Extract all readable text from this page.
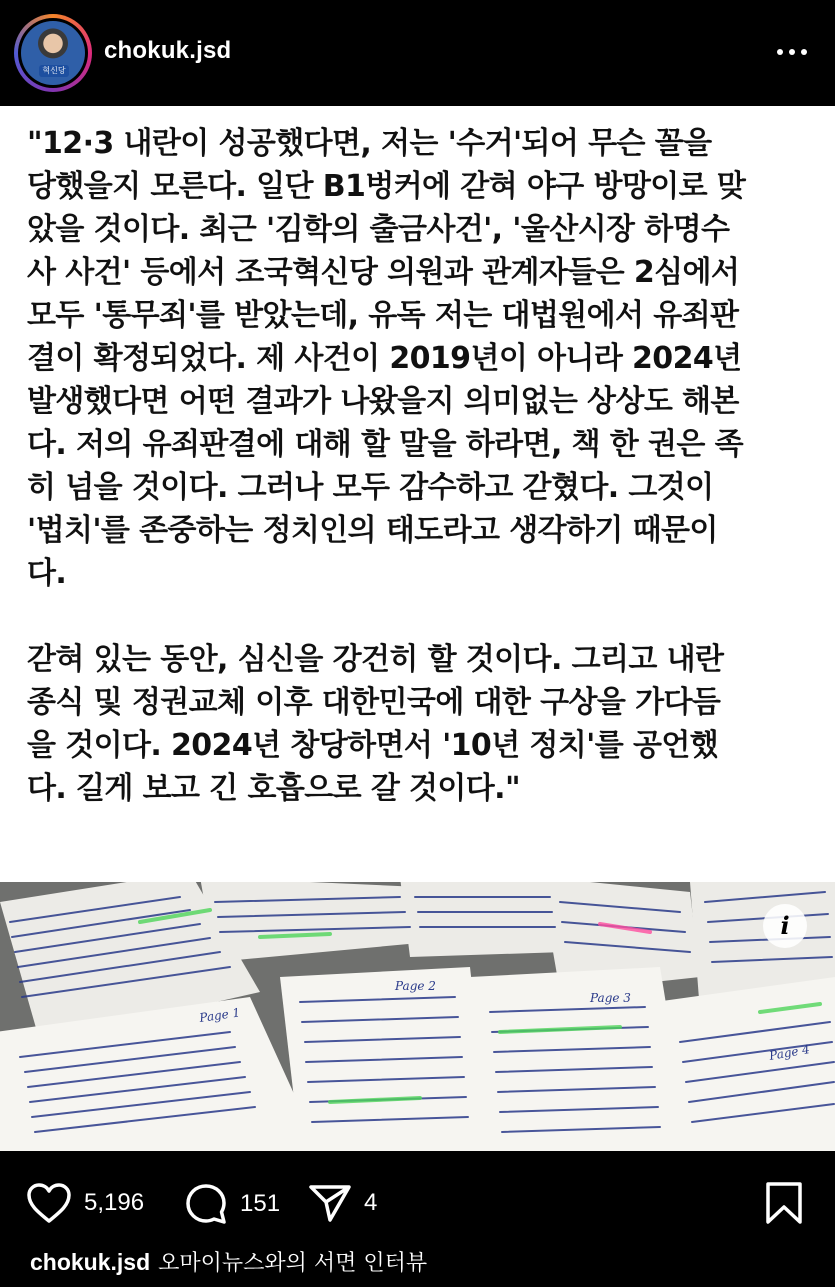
혁신당
chokuk.jsd
"12·3 내란이 성공했다면, 저는 '수거'되어 무슨 꼴을
당했을지 모른다. 일단 B1벙커에 갇혀 야구 방망이로 맞
았을 것이다. 최근 '김학의 출금사건', '울산시장 하명수
사 사건' 등에서 조국혁신당 의원과 관계자들은 2심에서
모두 '통무죄'를 받았는데, 유독 저는 대법원에서 유죄판
결이 확정되었다. 제 사건이 2019년이 아니라 2024년
발생했다면 어떤 결과가 나왔을지 의미없는 상상도 해본
다. 저의 유죄판결에 대해 할 말을 하라면, 책 한 권은 족
히 넘을 것이다. 그러나 모두 감수하고 갇혔다. 그것이
'법치'를 존중하는 정치인의 태도라고 생각하기 때문이
다.

갇혀 있는 동안, 심신을 강건히 할 것이다. 그리고 내란
종식 및 정권교체 이후 대한민국에 대한 구상을 가다듬
을 것이다. 2024년 창당하면서 '10년 정치'를 공언했
다. 길게 보고 긴 호흡으로 갈 것이다."
Page 1
Page 2
Page 3
Page 4
i
5,196	151	4
chokuk.jsd 오마이뉴스와의 서면 인터뷰
